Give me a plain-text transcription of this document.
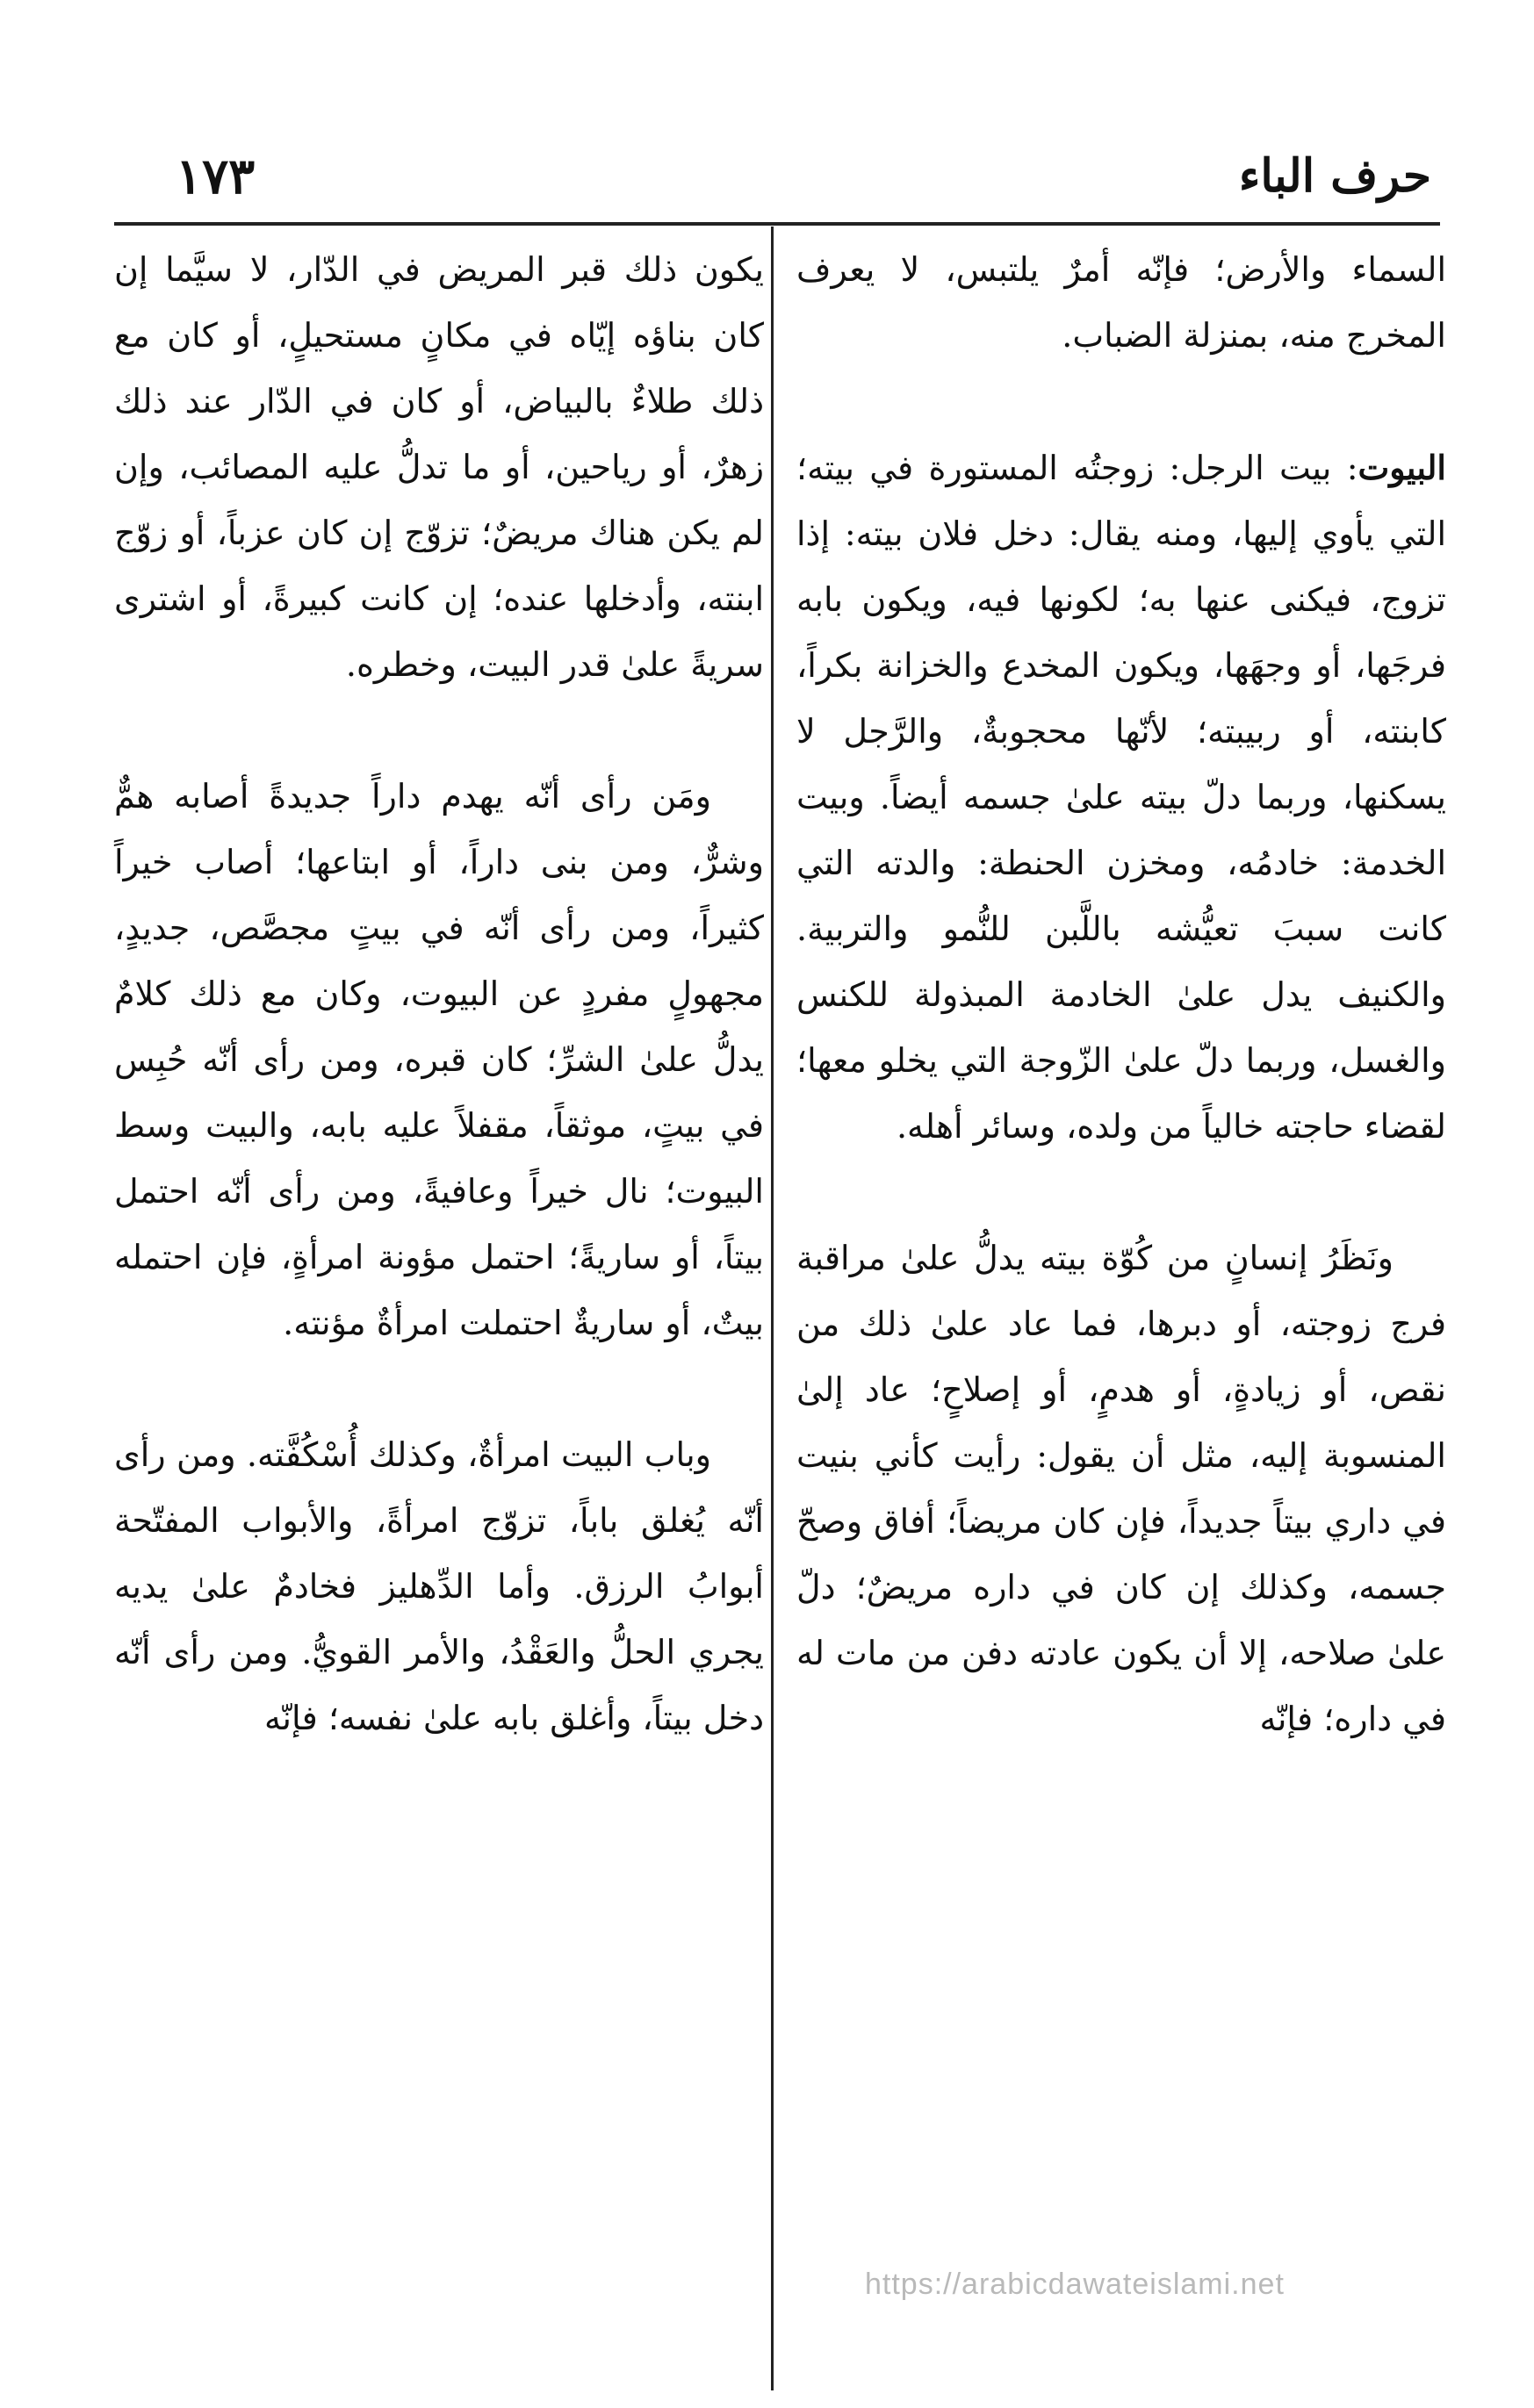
حرف الباء
١٧٣

السماء والأرض؛ فإنّه أمرٌ يلتبس، لا يعرف المخرج منه، بمنزلة الضباب.

البيوت: بيت الرجل: زوجتُه المستورة في بيته؛ التي يأوي إليها، ومنه يقال: دخل فلان بيته: إذا تزوج، فيكنى عنها به؛ لكونها فيه، ويكون بابه فرجَها، أو وجهَها، ويكون المخدع والخزانة بكراً، كابنته، أو ربيبته؛ لأنّها محجوبةٌ، والرَّجل لا يسكنها، وربما دلّ بيته علىٰ جسمه أيضاً. وبيت الخدمة: خادمُه، ومخزن الحنطة: والدته التي كانت سببَ تعيُّشه باللَّبن للنُّمو والتربية. والكنيف يدل علىٰ الخادمة المبذولة للكنس والغسل، وربما دلّ علىٰ الزّوجة التي يخلو معها؛ لقضاء حاجته خالياً من ولده، وسائر أهله.

ونَظَرُ إنسانٍ من كُوّة بيته يدلُّ علىٰ مراقبة فرج زوجته، أو دبرها، فما عاد علىٰ ذلك من نقص، أو زيادةٍ، أو هدمٍ، أو إصلاحٍ؛ عاد إلىٰ المنسوبة إليه، مثل أن يقول: رأيت كأني بنيت في داري بيتاً جديداً، فإن كان مريضاً؛ أفاق وصحّ جسمه، وكذلك إن كان في داره مريضٌ؛ دلّ علىٰ صلاحه، إلا أن يكون عادته دفن من مات له في داره؛ فإنّه

يكون ذلك قبر المريض في الدّار، لا سيَّما إن كان بناؤه إيّاه في مكانٍ مستحيلٍ، أو كان مع ذلك طلاءٌ بالبياض، أو كان في الدّار عند ذلك زهرٌ، أو رياحين، أو ما تدلُّ عليه المصائب، وإن لم يكن هناك مريضٌ؛ تزوّج إن كان عزباً، أو زوّج ابنته، وأدخلها عنده؛ إن كانت كبيرةً، أو اشترى سريةً علىٰ قدر البيت، وخطره.

ومَن رأى أنّه يهدم داراً جديدةً أصابه همٌّ وشرٌّ، ومن بنى داراً، أو ابتاعها؛ أصاب خيراً كثيراً، ومن رأى أنّه في بيتٍ مجصَّص، جديدٍ، مجهولٍ مفردٍ عن البيوت، وكان مع ذلك كلامٌ يدلُّ علىٰ الشرِّ؛ كان قبره، ومن رأى أنّه حُبِس في بيتٍ، موثقاً، مقفلاً عليه بابه، والبيت وسط البيوت؛ نال خيراً وعافيةً، ومن رأى أنّه احتمل بيتاً، أو ساريةً؛ احتمل مؤونة امرأةٍ، فإن احتمله بيتٌ، أو ساريةٌ احتملت امرأةٌ مؤنته.

وباب البيت امرأةٌ، وكذلك أُسْكُفَّته. ومن رأى أنّه يُغلق باباً، تزوّج امرأةً، والأبواب المفتّحة أبوابُ الرزق. وأما الدِّهليز فخادمٌ علىٰ يديه يجري الحلُّ والعَقْدُ، والأمر القويُّ. ومن رأى أنّه دخل بيتاً، وأغلق بابه علىٰ نفسه؛ فإنّه

https://arabicdawateislami.net
